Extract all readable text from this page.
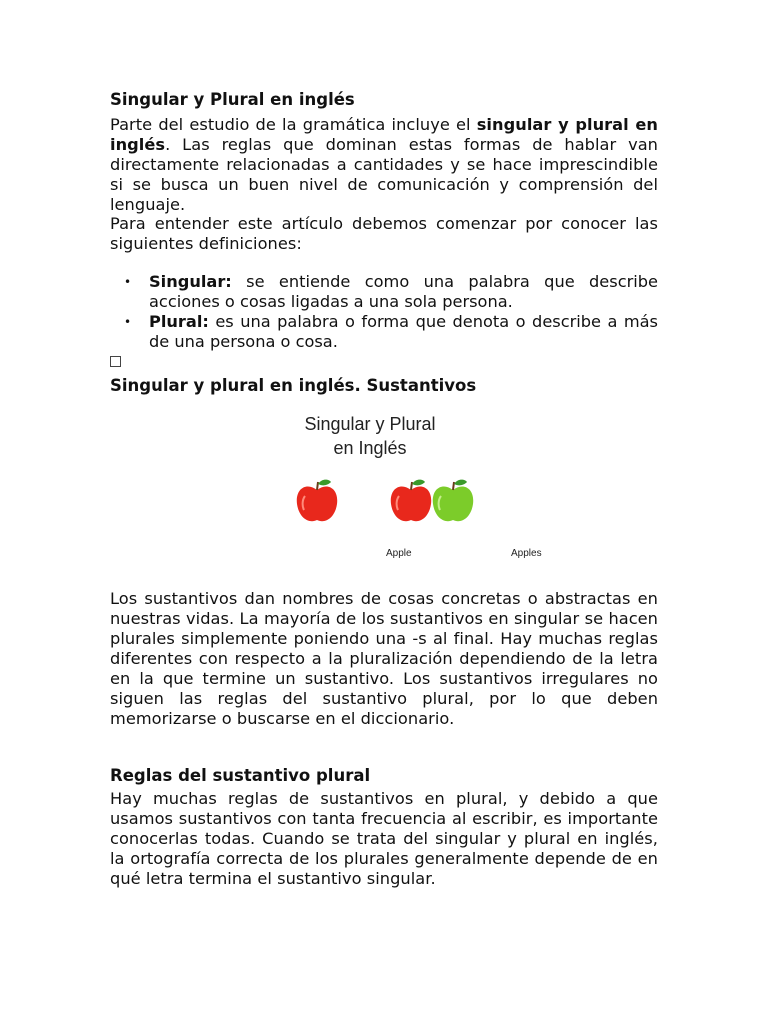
Singular y Plural en inglés

Parte del estudio de la gramática incluye el singular y plural en inglés. Las reglas que dominan estas formas de hablar van directamente relacionadas a cantidades y se hace imprescindible si se busca un buen nivel de comunicación y comprensión del lenguaje.

Para entender este artículo debemos comenzar por conocer las siguientes definiciones:

• Singular: se entiende como una palabra que describe acciones o cosas ligadas a una sola persona.
• Plural: es una palabra o forma que denota o describe a más de una persona o cosa.
Singular y plural en inglés. Sustantivos
Singular y Plural
en Inglés
Apple	Apples

Los sustantivos dan nombres de cosas concretas o abstractas en nuestras vidas. La mayoría de los sustantivos en singular se hacen plurales simplemente poniendo una -s al final. Hay muchas reglas diferentes con respecto a la pluralización dependiendo de la letra en la que termine un sustantivo. Los sustantivos irregulares no siguen las reglas del sustantivo plural, por lo que deben memorizarse o buscarse en el diccionario.

Reglas del sustantivo plural

Hay muchas reglas de sustantivos en plural, y debido a que usamos sustantivos con tanta frecuencia al escribir, es importante conocerlas todas. Cuando se trata del singular y plural en inglés, la ortografía correcta de los plurales generalmente depende de en qué letra termina el sustantivo singular.
